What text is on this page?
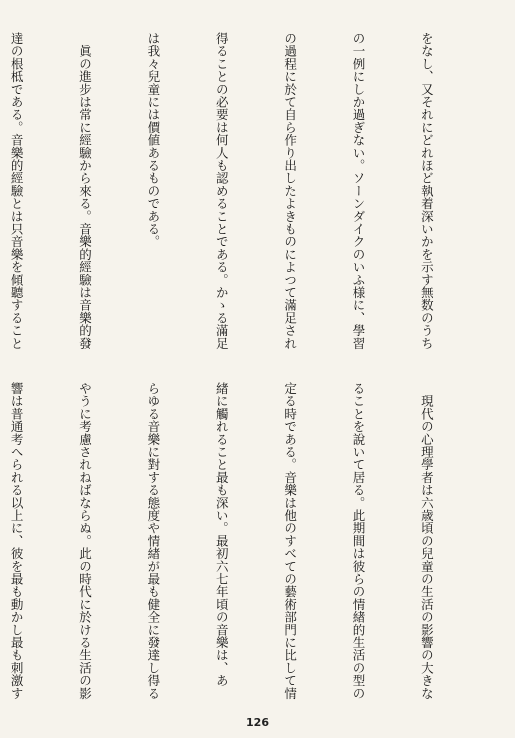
をなし、又それにどれほど執着深いかを示す無数のうち

の一例にしか過ぎない。ソーンダイクのいふ様に、學習

の過程に於て自ら作り出したよきものによつて滿足され

得ることの必要は何人も認めることである。かゝる滿足

は我々兒童には價値あるものである。

　眞の進步は常に經驗から來る。音樂的經驗は音樂的發

達の根柢である。音樂的經驗とは只音樂を傾聽すること

　現代の心理學者は六歳頃の兒童の生活の影響の大きな

ることを說いて居る。此期間は彼らの情緖的生活の型の

定る時である。音樂は他のすべての藝術部門に比して情

緖に觸れること最も深い。最初六七年頃の音樂は、あ

らゆる音樂に對する態度や情緖が最も健全に發達し得る

やうに考慮されねばならぬ。此の時代に於ける生活の影

響は普通考へられる以上に、彼を最も動かし最も刺激す

126
